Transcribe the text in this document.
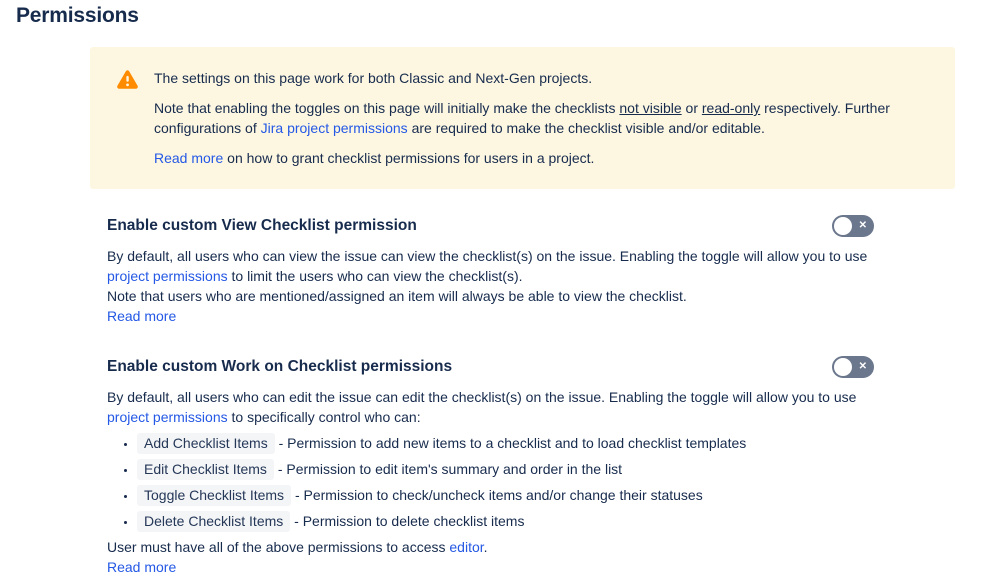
Permissions

The settings on this page work for both Classic and Next-Gen projects.

Note that enabling the toggles on this page will initially make the checklists not visible or read-only respectively. Further configurations of Jira project permissions are required to make the checklist visible and/or editable.

Read more on how to grant checklist permissions for users in a project.

Enable custom View Checklist permission	✕
By default, all users who can view the issue can view the checklist(s) on the issue. Enabling the toggle will allow you to use project permissions to limit the users who can view the checklist(s).
Note that users who are mentioned/assigned an item will always be able to view the checklist.
Read more
Enable custom Work on Checklist permissions	✕
By default, all users who can edit the issue can edit the checklist(s) on the issue. Enabling the toggle will allow you to use project permissions to specifically control who can:
• Add Checklist Items - Permission to add new items to a checklist and to load checklist templates
• Edit Checklist Items - Permission to edit item's summary and order in the list
• Toggle Checklist Items - Permission to check/uncheck items and/or change their statuses
• Delete Checklist Items - Permission to delete checklist items
User must have all of the above permissions to access editor.
Read more
